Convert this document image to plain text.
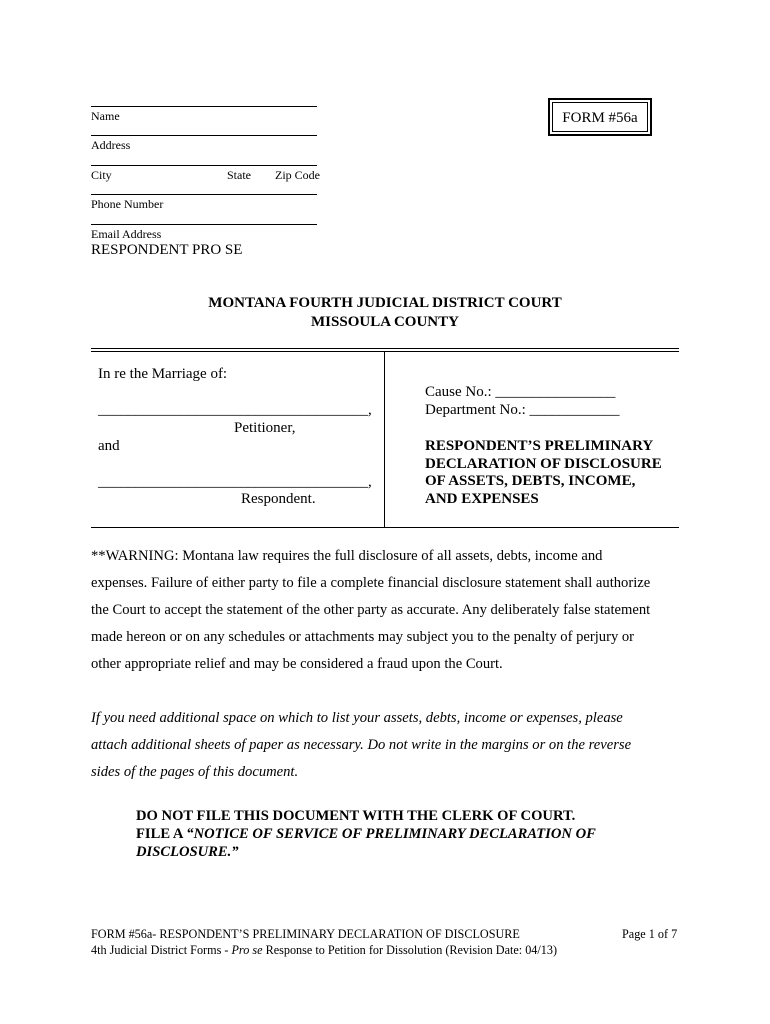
Name
Address
City	State Zip Code
Phone Number
Email Address
RESPONDENT PRO SE
FORM #56a
MONTANA FOURTH JUDICIAL DISTRICT COURT
MISSOULA COUNTY
In re the Marriage of:
____________________________________,
Petitioner,
and
____________________________________,
Respondent.
Cause No.: ________________
Department No.: ____________
RESPONDENT’S PRELIMINARY
DECLARATION OF DISCLOSURE
OF ASSETS, DEBTS, INCOME,
AND EXPENSES
**WARNING: Montana law requires the full disclosure of all assets, debts, income and
expenses. Failure of either party to file a complete financial disclosure statement shall authorize
the Court to accept the statement of the other party as accurate. Any deliberately false statement
made hereon or on any schedules or attachments may subject you to the penalty of perjury or
other appropriate relief and may be considered a fraud upon the Court.
If you need additional space on which to list your assets, debts, income or expenses, please
attach additional sheets of paper as necessary. Do not write in the margins or on the reverse
sides of the pages of this document.
DO NOT FILE THIS DOCUMENT WITH THE CLERK OF COURT.
FILE A “NOTICE OF SERVICE OF PRELIMINARY DECLARATION OF
DISCLOSURE.”
FORM #56a- RESPONDENT’S PRELIMINARY DECLARATION OF DISCLOSURE	Page 1 of 7
4th Judicial District Forms - Pro se Response to Petition for Dissolution (Revision Date: 04/13)
